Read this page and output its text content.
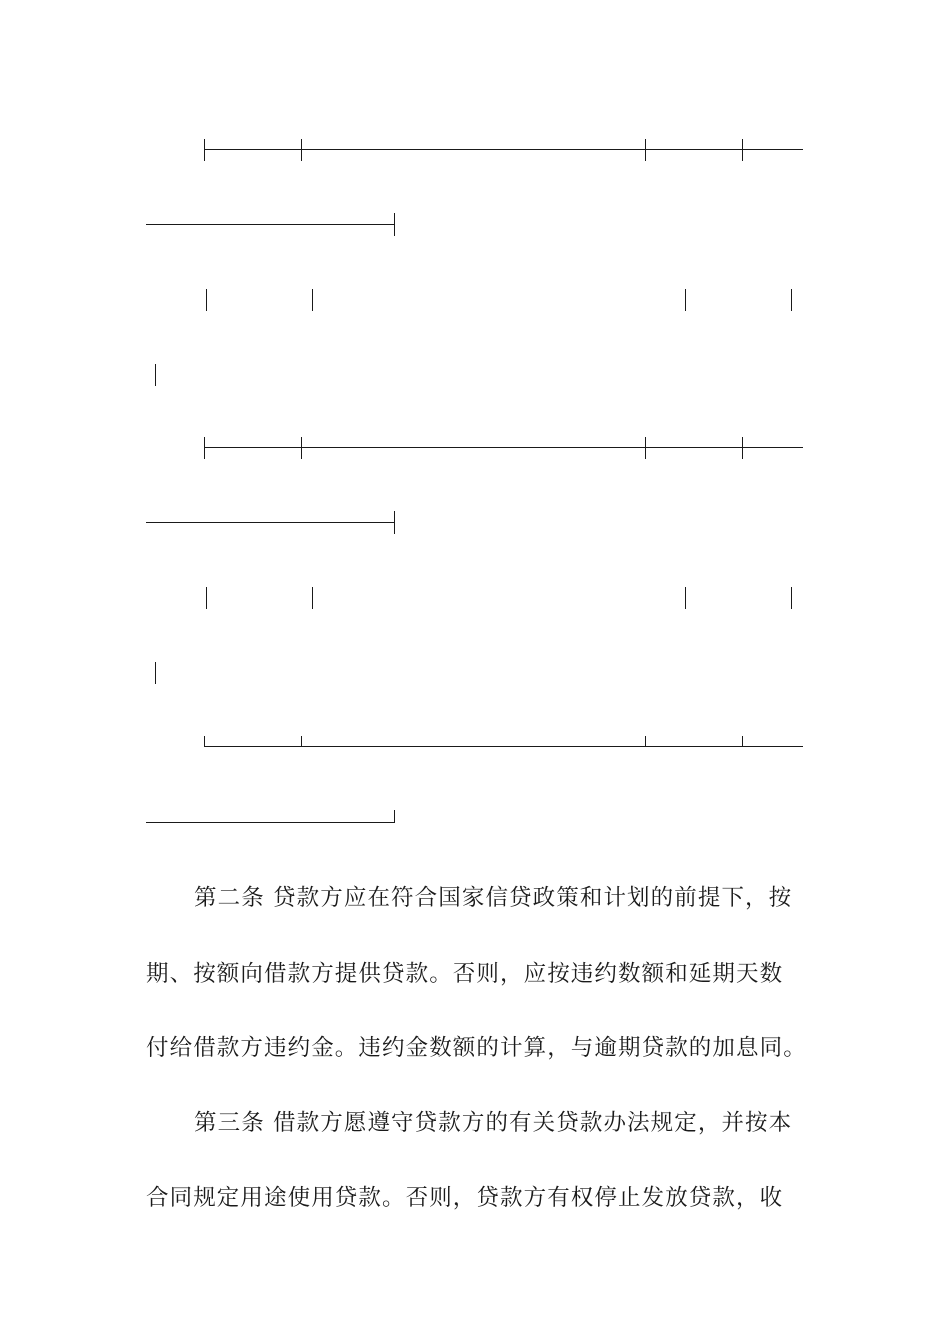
第二条 贷款方应在符合国家信贷政策和计划的前提下，按
期、按额向借款方提供贷款。否则，应按违约数额和延期天数
付给借款方违约金。违约金数额的计算，与逾期贷款的加息同。
第三条 借款方愿遵守贷款方的有关贷款办法规定，并按本
合同规定用途使用贷款。否则，贷款方有权停止发放贷款，收
